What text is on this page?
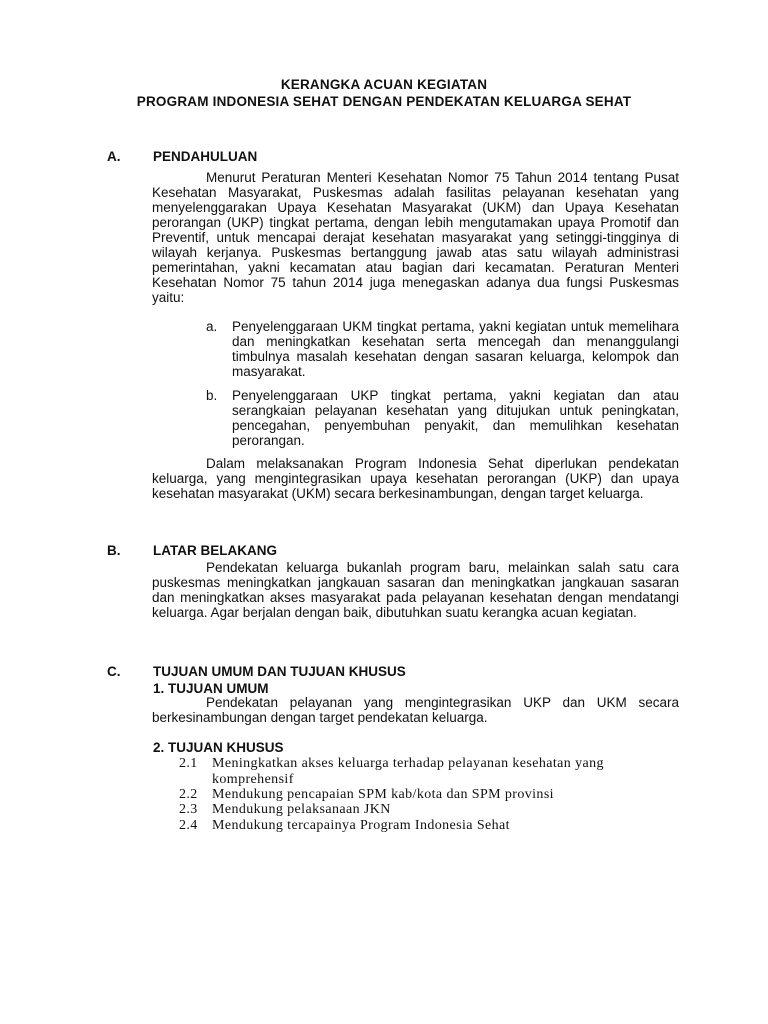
KERANGKA ACUAN KEGIATAN
PROGRAM INDONESIA SEHAT DENGAN PENDEKATAN KELUARGA SEHAT
A. PENDAHULUAN
Menurut Peraturan Menteri Kesehatan Nomor 75 Tahun 2014 tentang Pusat Kesehatan Masyarakat, Puskesmas adalah fasilitas pelayanan kesehatan yang menyelenggarakan Upaya Kesehatan Masyarakat (UKM) dan Upaya Kesehatan perorangan (UKP) tingkat pertama, dengan lebih mengutamakan upaya Promotif dan Preventif, untuk mencapai derajat kesehatan masyarakat yang setinggi-tingginya di wilayah kerjanya. Puskesmas bertanggung jawab atas satu wilayah administrasi pemerintahan, yakni kecamatan atau bagian dari kecamatan. Peraturan Menteri Kesehatan Nomor 75 tahun 2014 juga menegaskan adanya dua fungsi Puskesmas yaitu:
a. Penyelenggaraan UKM tingkat pertama, yakni kegiatan untuk memelihara dan meningkatkan kesehatan serta mencegah dan menanggulangi timbulnya masalah kesehatan dengan sasaran keluarga, kelompok dan masyarakat.
b. Penyelenggaraan UKP tingkat pertama, yakni kegiatan dan atau serangkaian pelayanan kesehatan yang ditujukan untuk peningkatan, pencegahan, penyembuhan penyakit, dan memulihkan kesehatan perorangan.
Dalam melaksanakan Program Indonesia Sehat diperlukan pendekatan keluarga, yang mengintegrasikan upaya kesehatan perorangan (UKP) dan upaya kesehatan masyarakat (UKM) secara berkesinambungan, dengan target keluarga.
B. LATAR BELAKANG
Pendekatan keluarga bukanlah program baru, melainkan salah satu cara puskesmas meningkatkan jangkauan sasaran dan meningkatkan jangkauan sasaran dan meningkatkan akses masyarakat pada pelayanan kesehatan dengan mendatangi keluarga. Agar berjalan dengan baik, dibutuhkan suatu kerangka acuan kegiatan.
C. TUJUAN UMUM DAN TUJUAN KHUSUS
1. TUJUAN UMUM
Pendekatan pelayanan yang mengintegrasikan UKP dan UKM secara berkesinambungan dengan target pendekatan keluarga.
2. TUJUAN KHUSUS
2.1 Meningkatkan akses keluarga terhadap pelayanan kesehatan yang komprehensif
2.2 Mendukung pencapaian SPM kab/kota dan SPM provinsi
2.3 Mendukung pelaksanaan JKN
2.4 Mendukung tercapainya Program Indonesia Sehat
